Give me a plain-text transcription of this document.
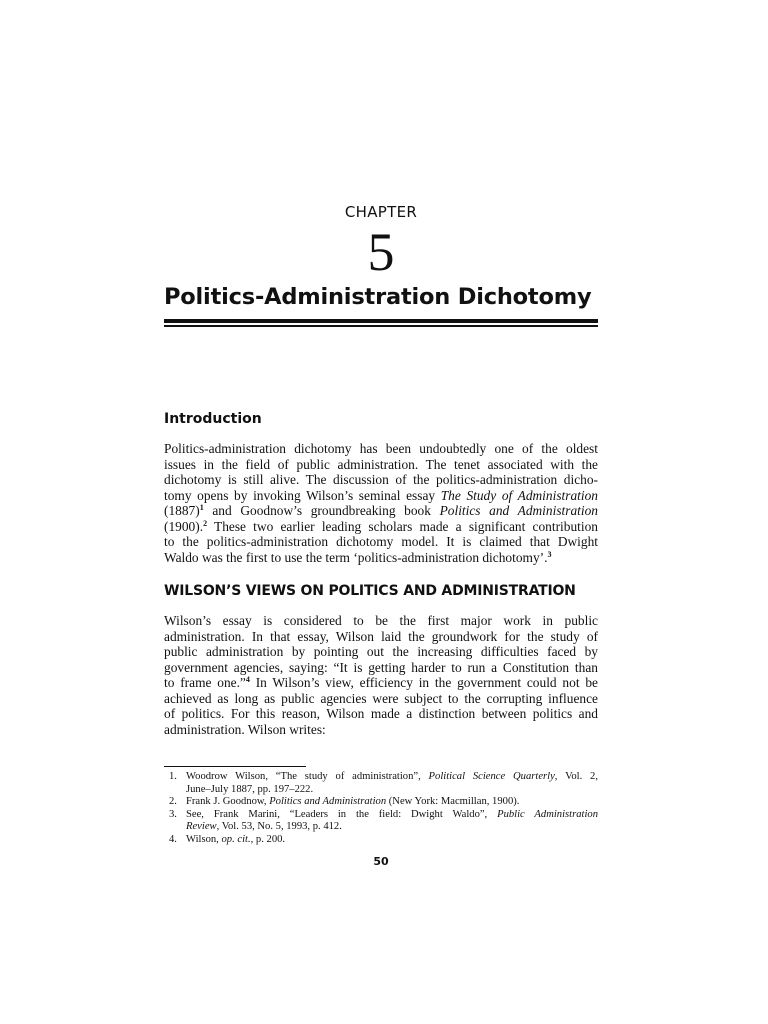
CHAPTER
5
Politics-Administration Dichotomy
Introduction
Politics-administration dichotomy has been undoubtedly one of the oldest
issues in the field of public administration. The tenet associated with the
dichotomy is still alive. The discussion of the politics-administration dicho-
tomy opens by invoking Wilson’s seminal essay The Study of Administration
$(1887)^1$ and Goodnow’s groundbreaking book Politics and Administration
(1900).$^2$ These two earlier leading scholars made a significant contribution
to the politics-administration dichotomy model. It is claimed that Dwight
Waldo was the first to use the term ‘politics-administration dichotomy’.$^3$
WILSON’S VIEWS ON POLITICS AND ADMINISTRATION
Wilson’s essay is considered to be the first major work in public
administration. In that essay, Wilson laid the groundwork for the study of
public administration by pointing out the increasing difficulties faced by
government agencies, saying: “It is getting harder to run a Constitution than
to frame one.”$^4$ In Wilson’s view, efficiency in the government could not be
achieved as long as public agencies were subject to the corrupting influence
of politics. For this reason, Wilson made a distinction between politics and
administration. Wilson writes:
1. Woodrow Wilson, “The study of administration”, Political Science Quarterly, Vol. 2,
June–July 1887, pp. 197–222.
2. Frank J. Goodnow, Politics and Administration (New York: Macmillan, 1900).
3. See, Frank Marini, “Leaders in the field: Dwight Waldo”, Public Administration
Review, Vol. 53, No. 5, 1993, p. 412.
4. Wilson, op. cit., p. 200.
50
